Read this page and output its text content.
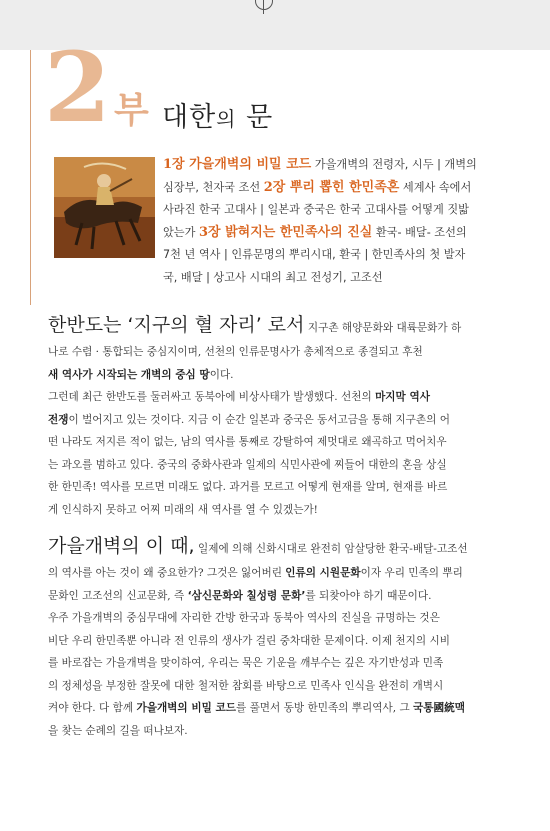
2 부 대한의 문
1장 가을개벽의 비밀 코드 가을개벽의 전령자, 시두 | 개벽의
심장부, 천자국 조선 2장 뿌리 뽑힌 한민족혼 세계사 속에서
사라진 한국 고대사 | 일본과 중국은 한국 고대사를 어떻게 짓밟
았는가 3장 밝혀지는 한민족사의 진실 환국- 배달- 조선의
7천 년 역사 | 인류문명의 뿌리시대, 환국 | 한민족사의 첫 발자
국, 배달 | 상고사 시대의 최고 전성기, 고조선
한반도는 ‘지구의 혈 자리’ 로서 지구촌 해양문화와 대륙문화가 하
나로 수렴 · 통합되는 중심지이며, 선천의 인류문명사가 총체적으로 종결되고 후천
새 역사가 시작되는 개벽의 중심 땅이다.
그런데 최근 한반도를 둘러싸고 동북아에 비상사태가 발생했다. 선천의 마지막 역사
전쟁이 벌어지고 있는 것이다. 지금 이 순간 일본과 중국은 동서고금을 통해 지구촌의 어
떤 나라도 저지른 적이 없는, 남의 역사를 통째로 강탈하여 제멋대로 왜곡하고 먹어치우
는 과오를 범하고 있다. 중국의 중화사관과 일제의 식민사관에 찌들어 대한의 혼을 상실
한 한민족! 역사를 모르면 미래도 없다. 과거를 모르고 어떻게 현재를 알며, 현재를 바르
게 인식하지 못하고 어찌 미래의 새 역사를 열 수 있겠는가!
가을개벽의 이 때, 일제에 의해 신화시대로 완전히 암살당한 환국-배달-고조선
의 역사를 아는 것이 왜 중요한가? 그것은 잃어버린 인류의 시원문화이자 우리 민족의 뿌리
문화인 고조선의 신교문화, 즉 ‘삼신문화와 칠성령 문화’를 되찾아야 하기 때문이다.
우주 가을개벽의 중심무대에 자리한 간방 한국과 동북아 역사의 진실을 규명하는 것은
비단 우리 한민족뿐 아니라 전 인류의 생사가 걸린 중차대한 문제이다. 이제 천지의 시비
를 바로잡는 가을개벽을 맞이하여, 우리는 묵은 기운을 깨부수는 깊은 자기반성과 민족
의 정체성을 부정한 잘못에 대한 철저한 참회를 바탕으로 민족사 인식을 완전히 개벽시
켜야 한다. 다 함께 가을개벽의 비밀 코드를 풀면서 동방 한민족의 뿌리역사, 그 국통國統맥
을 찾는 순례의 길을 떠나보자.
